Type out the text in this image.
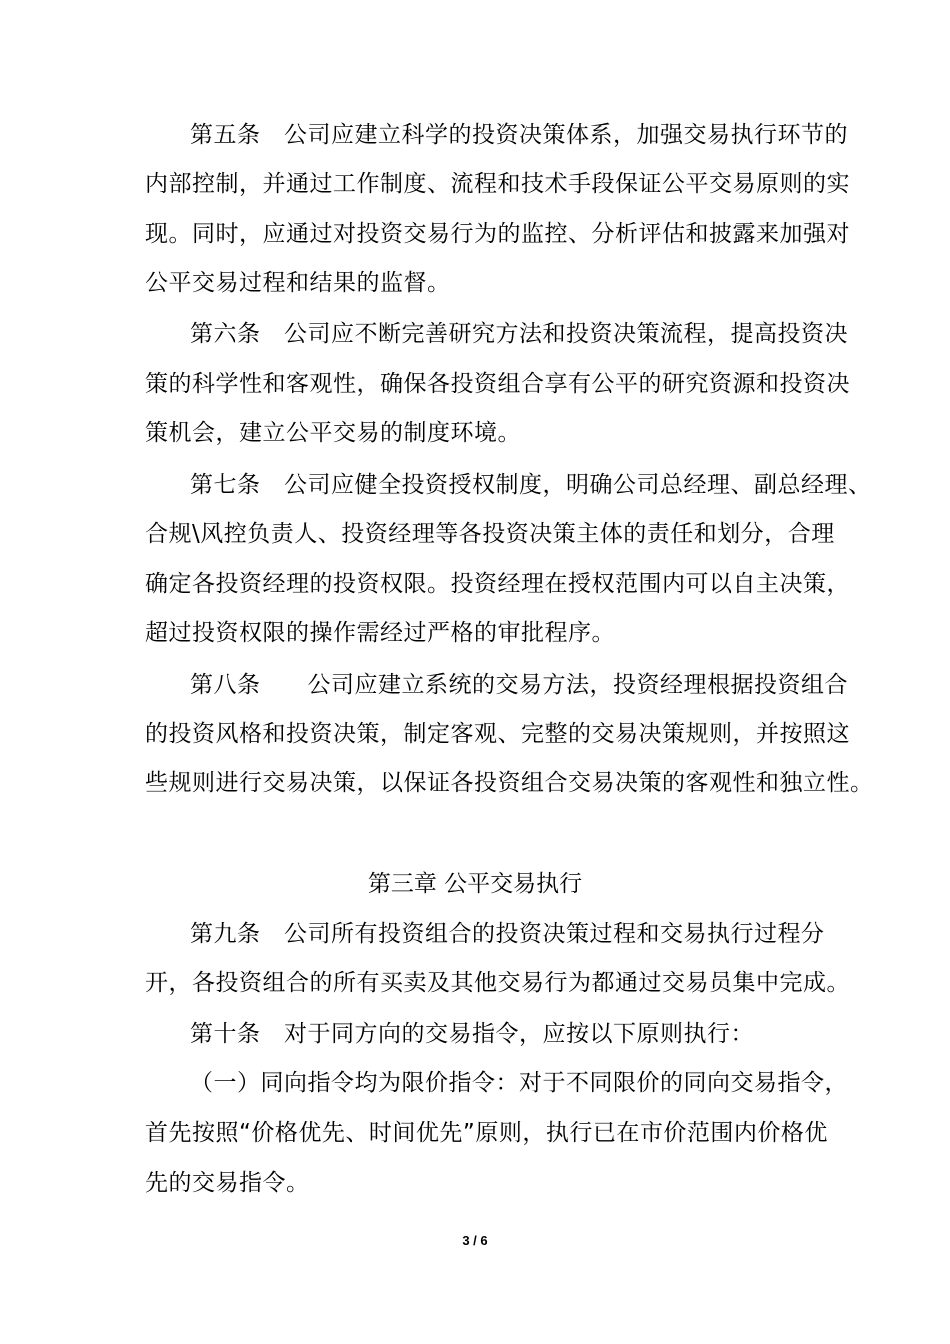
第五条　公司应建立科学的投资决策体系，加强交易执行环节的
内部控制，并通过工作制度、流程和技术手段保证公平交易原则的实
现。同时，应通过对投资交易行为的监控、分析评估和披露来加强对
公平交易过程和结果的监督。
第六条　公司应不断完善研究方法和投资决策流程，提高投资决
策的科学性和客观性，确保各投资组合享有公平的研究资源和投资决
策机会，建立公平交易的制度环境。
第七条　公司应健全投资授权制度，明确公司总经理、副总经理、
合规\风控负责人、投资经理等各投资决策主体的责任和划分，合理
确定各投资经理的投资权限。投资经理在授权范围内可以自主决策，
超过投资权限的操作需经过严格的审批程序。
第八条　　公司应建立系统的交易方法，投资经理根据投资组合
的投资风格和投资决策，制定客观、完整的交易决策规则，并按照这
些规则进行交易决策，以保证各投资组合交易决策的客观性和独立性。
第三章 公平交易执行
第九条　公司所有投资组合的投资决策过程和交易执行过程分
开，各投资组合的所有买卖及其他交易行为都通过交易员集中完成。
第十条　对于同方向的交易指令，应按以下原则执行：
（一）同向指令均为限价指令：对于不同限价的同向交易指令，
首先按照“价格优先、时间优先”原则，执行已在市价范围内价格优
先的交易指令。
3 / 6
